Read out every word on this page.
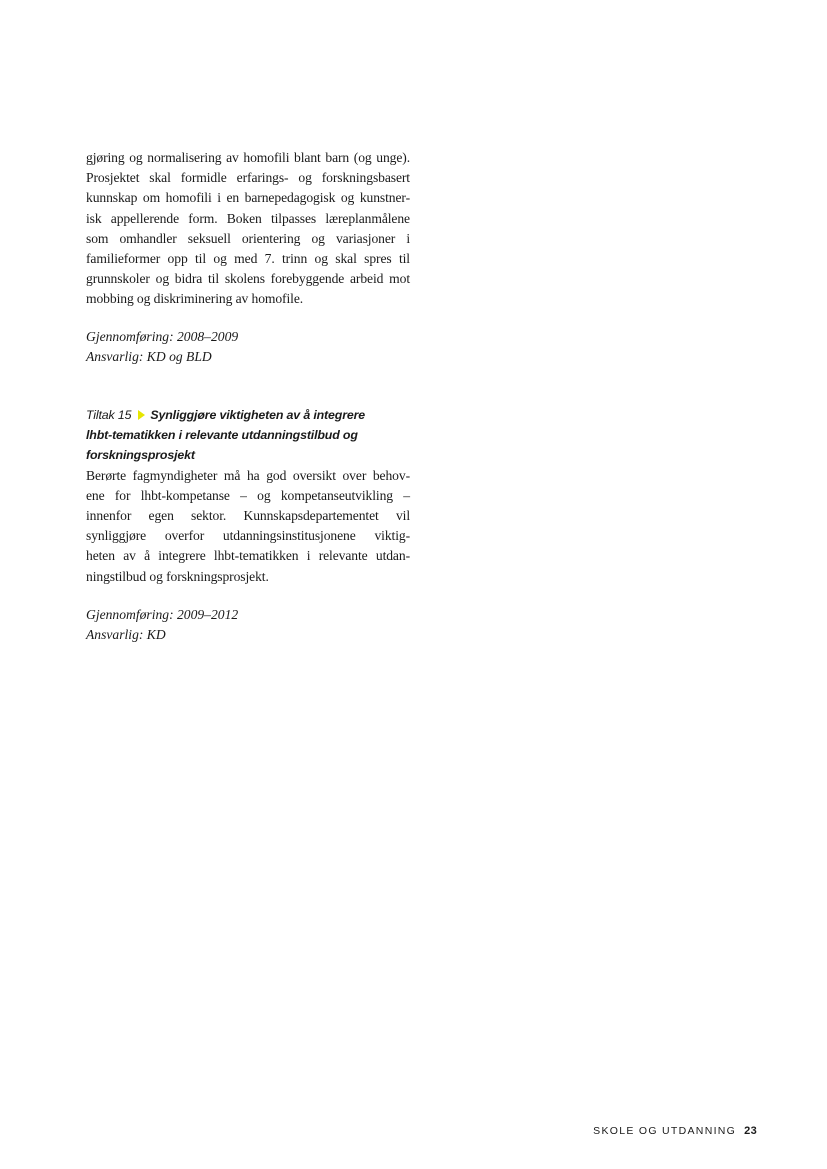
gjøring og normalisering av homofili blant barn (og unge).
Prosjektet skal formidle erfarings- og forskningsbasert
kunnskap om homofili i en barnepedagogisk og kunstner-
isk appellerende form. Boken tilpasses læreplanmålene
som omhandler seksuell orientering og variasjoner i
familieformer opp til og med 7. trinn og skal spres til
grunnskoler og bidra til skolens forebyggende arbeid mot
mobbing og diskriminering av homofile.

Gjennomføring: 2008–2009
Ansvarlig: KD og BLD

Tiltak 15 Synliggjøre viktigheten av å integrere
lhbt-tematikken i relevante utdanningstilbud og
forskningsprosjekt

Berørte fagmyndigheter må ha god oversikt over behov-
ene for lhbt-kompetanse – og kompetanseutvikling –
innenfor egen sektor. Kunnskapsdepartementet vil
synliggjøre overfor utdanningsinstitusjonene viktig-
heten av å integrere lhbt-tematikken i relevante utdan-
ningstilbud og forskningsprosjekt.

Gjennomføring: 2009–2012
Ansvarlig: KD

SKOLE OG UTDANNING 23
